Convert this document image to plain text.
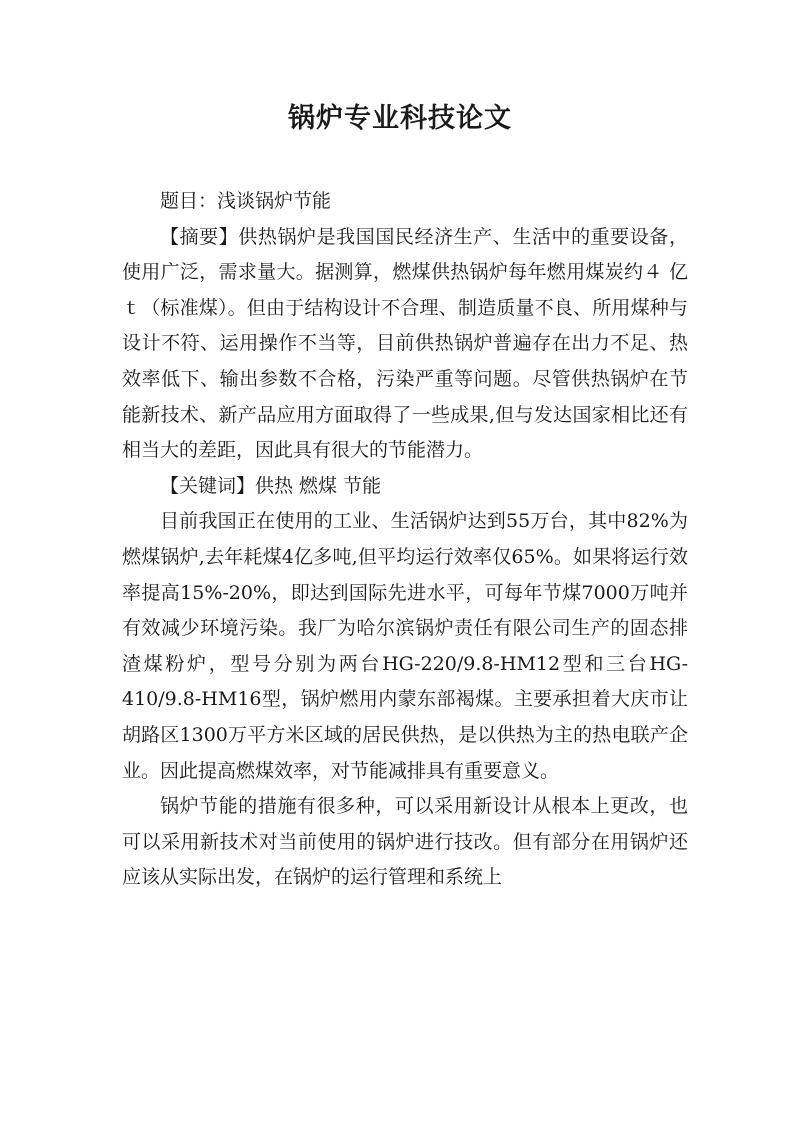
锅炉专业科技论文

题目：浅谈锅炉节能

【摘要】供热锅炉是我国国民经济生产、生活中的重要设备，使用广泛，需求量大。据测算，燃煤供热锅炉每年燃用煤炭约４ 亿ｔ（标准煤）。但由于结构设计不合理、制造质量不良、所用煤种与设计不符、运用操作不当等，目前供热锅炉普遍存在出力不足、热效率低下、输出参数不合格，污染严重等问题。尽管供热锅炉在节能新技术、新产品应用方面取得了一些成果,但与发达国家相比还有相当大的差距，因此具有很大的节能潜力。

【关键词】供热 燃煤 节能

目前我国正在使用的工业、生活锅炉达到55万台，其中82%为燃煤锅炉,去年耗煤4亿多吨,但平均运行效率仅65%。如果将运行效率提高15%-20%，即达到国际先进水平，可每年节煤7000万吨并有效减少环境污染。我厂为哈尔滨锅炉责任有限公司生产的固态排渣煤粉炉，型号分别为两台HG-220/9.8-HM12型和三台HG-410/9.8-HM16型，锅炉燃用内蒙东部褐煤。主要承担着大庆市让胡路区1300万平方米区域的居民供热，是以供热为主的热电联产企业。因此提高燃煤效率，对节能减排具有重要意义。

锅炉节能的措施有很多种，可以采用新设计从根本上更改，也可以采用新技术对当前使用的锅炉进行技改。但有部分在用锅炉还应该从实际出发，在锅炉的运行管理和系统上
